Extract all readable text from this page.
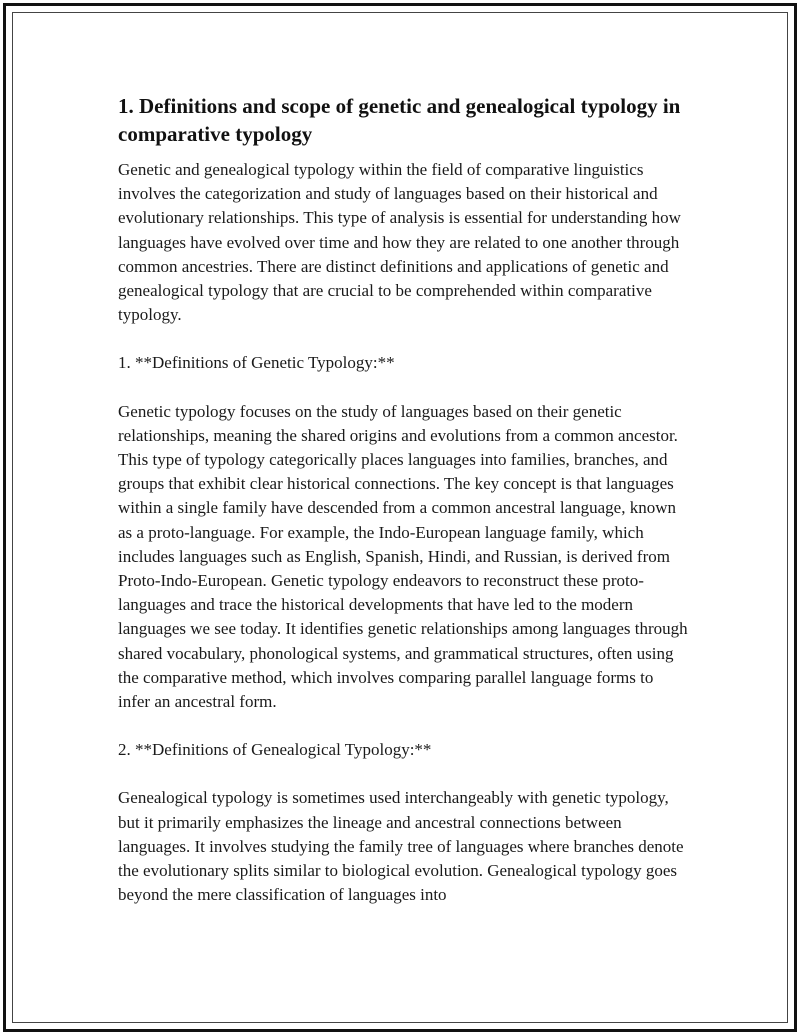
1. Definitions and scope of genetic and genealogical typology in comparative typology

Genetic and genealogical typology within the field of comparative linguistics involves the categorization and study of languages based on their historical and evolutionary relationships. This type of analysis is essential for understanding how languages have evolved over time and how they are related to one another through common ancestries. There are distinct definitions and applications of genetic and genealogical typology that are crucial to be comprehended within comparative typology.

1. **Definitions of Genetic Typology:**

Genetic typology focuses on the study of languages based on their genetic relationships, meaning the shared origins and evolutions from a common ancestor. This type of typology categorically places languages into families, branches, and groups that exhibit clear historical connections. The key concept is that languages within a single family have descended from a common ancestral language, known as a proto-language. For example, the Indo-European language family, which includes languages such as English, Spanish, Hindi, and Russian, is derived from Proto-Indo-European. Genetic typology endeavors to reconstruct these proto-languages and trace the historical developments that have led to the modern languages we see today. It identifies genetic relationships among languages through shared vocabulary, phonological systems, and grammatical structures, often using the comparative method, which involves comparing parallel language forms to infer an ancestral form.

2. **Definitions of Genealogical Typology:**

Genealogical typology is sometimes used interchangeably with genetic typology, but it primarily emphasizes the lineage and ancestral connections between languages. It involves studying the family tree of languages where branches denote the evolutionary splits similar to biological evolution. Genealogical typology goes beyond the mere classification of languages into
